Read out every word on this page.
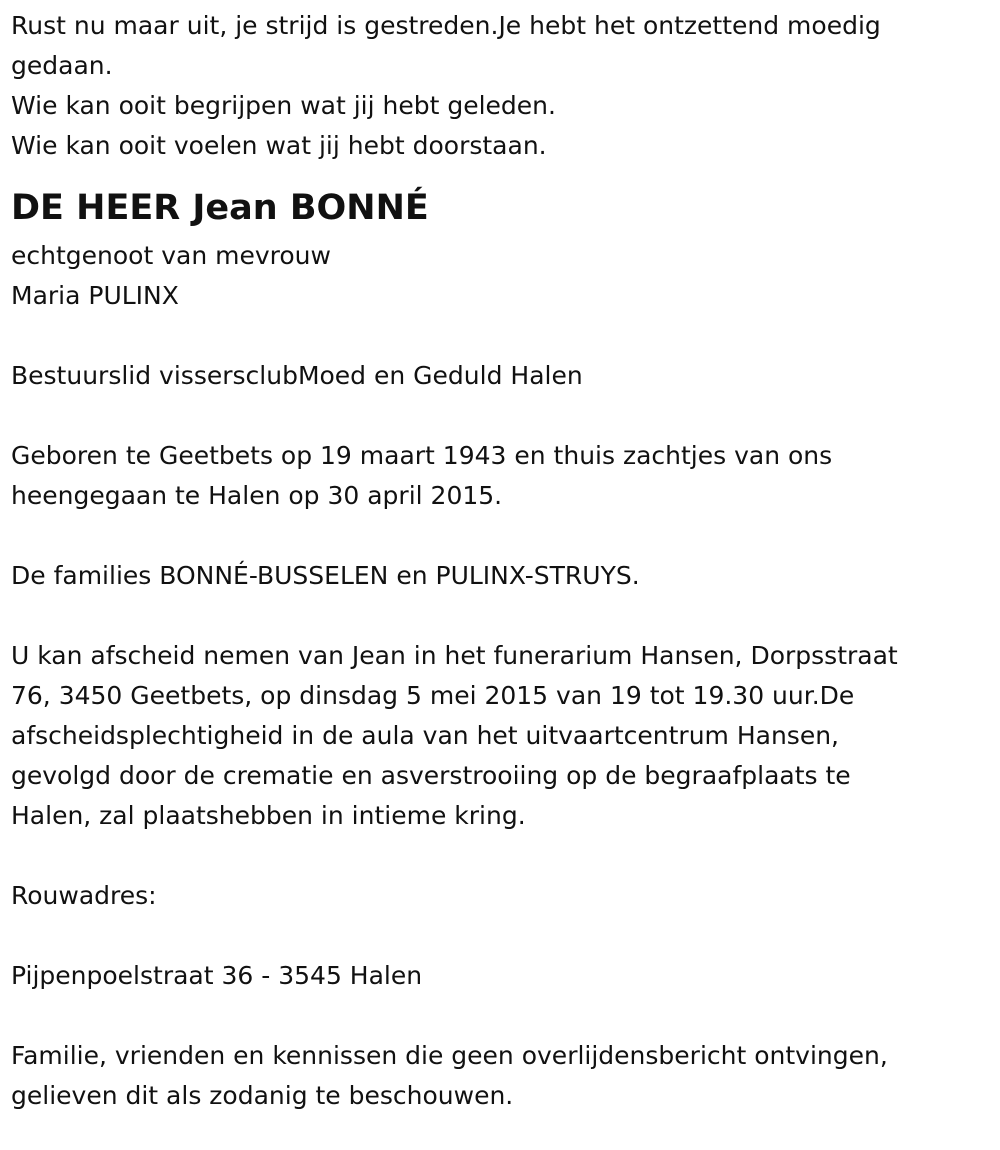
Rust nu maar uit, je strijd is gestreden.Je hebt het ontzettend moedig

gedaan.

Wie kan ooit begrijpen wat jij hebt geleden.

Wie kan ooit voelen wat jij hebt doorstaan.

DE HEER Jean BONNÉ

echtgenoot van mevrouw

Maria PULINX

Bestuurslid vissersclubMoed en Geduld Halen

Geboren te Geetbets op 19 maart 1943 en thuis zachtjes van ons

heengegaan te Halen op 30 april 2015.

De families BONNÉ-BUSSELEN en PULINX-STRUYS.

U kan afscheid nemen van Jean in het funerarium Hansen, Dorpsstraat

76, 3450 Geetbets, op dinsdag 5 mei 2015 van 19 tot 19.30 uur.De

afscheidsplechtigheid in de aula van het uitvaartcentrum Hansen,

gevolgd door de crematie en asverstrooiing op de begraafplaats te

Halen, zal plaatshebben in intieme kring.

Rouwadres:

Pijpenpoelstraat 36 - 3545 Halen

Familie, vrienden en kennissen die geen overlijdensbericht ontvingen,

gelieven dit als zodanig te beschouwen.
